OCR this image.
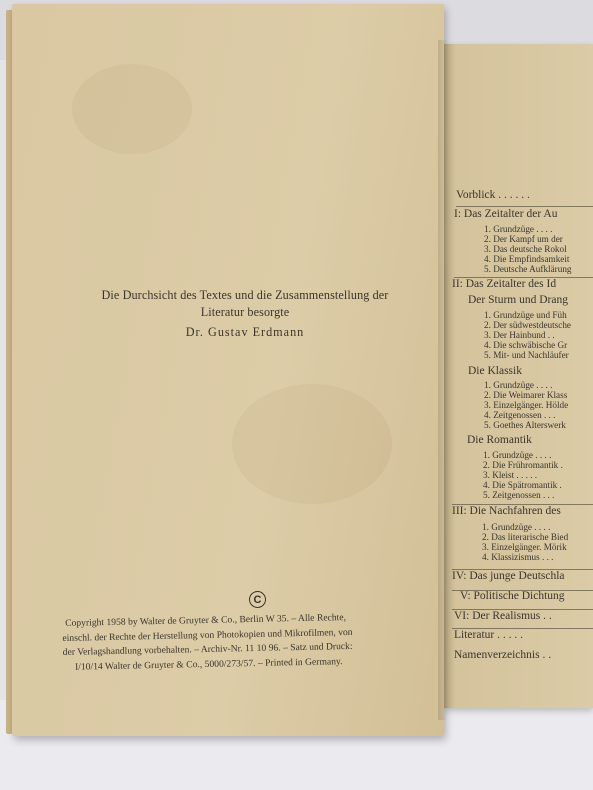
Die Durchsicht des Textes und die Zusammenstellung der
Literatur besorgte
Dr. Gustav Erdmann
C
Copyright 1958 by Walter de Gruyter & Co., Berlin W 35. – Alle Rechte,
einschl. der Rechte der Herstellung von Photokopien und Mikrofilmen, von
der Verlagshandlung vorbehalten. – Archiv-Nr. 11 10 96. – Satz und Druck:
I/10/14 Walter de Gruyter & Co., 5000/273/57. – Printed in Germany.
Vorblick . . . . . .
I: Das Zeitalter der Au
1. Grundzüge . . . .
2. Der Kampf um der
3. Das deutsche Rokol
4. Die Empfindsamkeit
5. Deutsche Aufklärung
II: Das Zeitalter des Id
Der Sturm und Drang
1. Grundzüge und Füh
2. Der südwestdeutsche
3. Der Hainbund . .
4. Die schwäbische Gr
5. Mit- und Nachläufer
Die Klassik
1. Grundzüge . . . .
2. Die Weimarer Klass
3. Einzelgänger. Hölde
4. Zeitgenossen . . .
5. Goethes Alterswerk
Die Romantik
1. Grundzüge . . . .
2. Die Frühromantik .
3. Kleist . . . . .
4. Die Spätromantik .
5. Zeitgenossen . . .
III: Die Nachfahren des
1. Grundzüge . . . .
2. Das literarische Bied
3. Einzelgänger. Mörik
4. Klassizismus . . .
IV: Das junge Deutschla
V: Politische Dichtung
VI: Der Realismus . .
Literatur . . . . .
Namenverzeichnis . .
